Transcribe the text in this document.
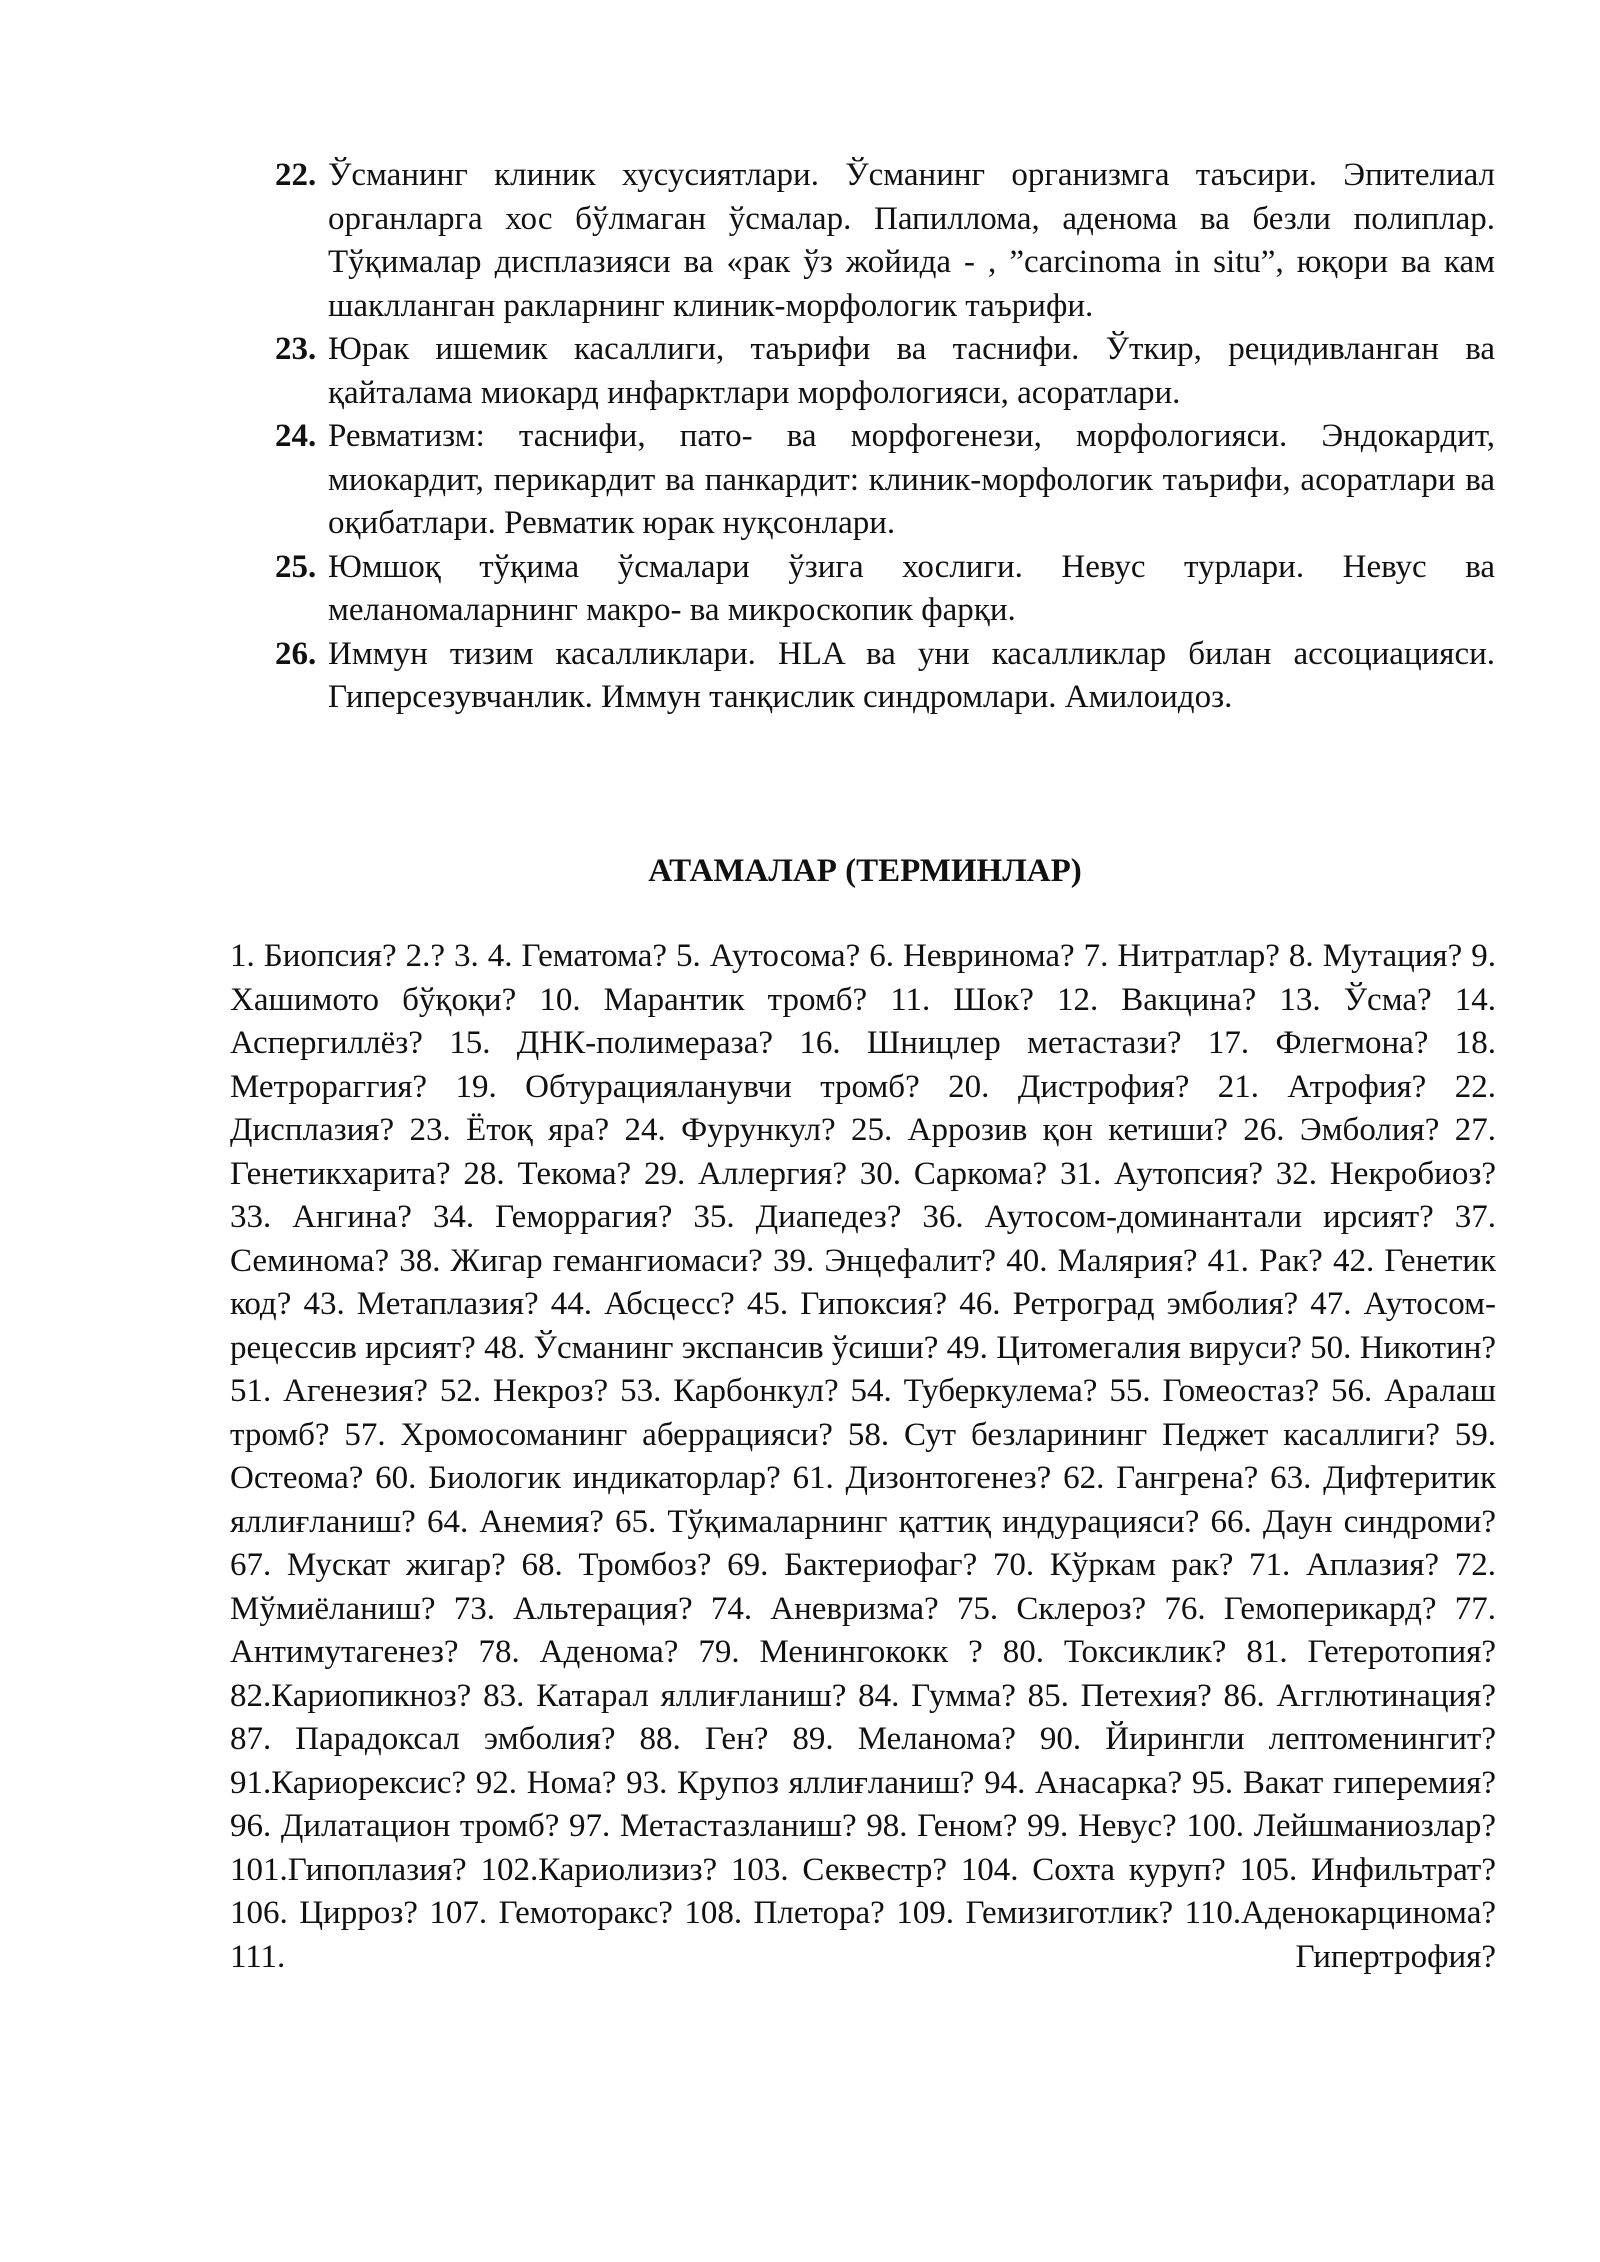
22. Ўсманинг клиник хусусиятлари. Ўсманинг организмга таъсири. Эпителиал органларга хос бўлмаган ўсмалар. Папиллома, аденома ва безли полиплар. Тўқималар дисплазияси ва «рак ўз жойида - , ”carcinoma in situ”, юқори ва кам шаклланган ракларнинг клиник-морфологик таърифи.
23. Юрак ишемик касаллиги, таърифи ва таснифи. Ўткир, рецидивланган ва қайталама миокард инфарктлари морфологияси, асоратлари.
24. Ревматизм: таснифи, пато- ва морфогенези, морфологияси. Эндокардит, миокардит, перикардит ва панкардит: клиник-морфологик таърифи, асоратлари ва оқибатлари. Ревматик юрак нуқсонлари.
25. Юмшоқ тўқима ўсмалари ўзига хослиги. Невус турлари. Невус ва меланомаларнинг макро- ва микроскопик фарқи.
26. Иммун тизим касалликлари. HLA ва уни касалликлар билан ассоциацияси. Гиперсезувчанлик. Иммун танқислик синдромлари. Амилоидоз.
АТАМАЛАР (ТЕРМИНЛАР)

1. Биопсия? 2.? 3. 4. Гематома? 5. Аутосома? 6. Невринома? 7. Нитратлар? 8. Мутация? 9. Хашимото бўқоқи? 10. Марантик тромб? 11. Шок? 12. Вакцина? 13. Ўсма? 14. Аспергиллёз? 15. ДНК-полимераза? 16. Шницлер метастази? 17. Флегмона? 18. Метрораггия? 19. Обтурацияланувчи тромб? 20. Дистрофия? 21. Атрофия? 22. Дисплазия? 23. Ётоқ яра? 24. Фурункул? 25. Аррозив қон кетиши? 26. Эмболия? 27. Генетикхарита? 28. Текома? 29. Аллергия? 30. Саркома? 31. Аутопсия? 32. Некробиоз? 33. Ангина? 34. Геморрагия? 35. Диапедез? 36. Аутосом-доминантали ирсият? 37. Семинома? 38. Жигар гемангиомаси? 39. Энцефалит? 40. Малярия? 41. Рак? 42. Генетик код? 43. Метаплазия? 44. Абсцесс? 45. Гипоксия? 46. Ретроград эмболия? 47. Аутосом-рецессив ирсият? 48. Ўсманинг экспансив ўсиши? 49. Цитомегалия вируси? 50. Никотин? 51. Агенезия? 52. Некроз? 53. Карбонкул? 54. Туберкулема? 55. Гомеостаз? 56. Аралаш тромб? 57. Хромосоманинг аберрацияси? 58. Сут безларининг Педжет касаллиги? 59. Остеома? 60. Биологик индикаторлар? 61. Дизонтогенез? 62. Гангрена? 63. Дифтеритик яллиғланиш? 64. Анемия? 65. Тўқималарнинг қаттиқ индурацияси? 66. Даун синдроми? 67. Мускат жигар? 68. Тромбоз? 69. Бактериофаг? 70. Кўркам рак? 71. Аплазия? 72. Мўмиёланиш? 73. Альтерация? 74. Аневризма? 75. Склероз? 76. Гемоперикард? 77. Антимутагенез? 78. Аденома? 79. Менингококк ? 80. Токсиклик? 81. Гетеротопия? 82.Кариопикноз? 83. Катарал яллиғланиш? 84. Гумма? 85. Петехия? 86. Агглютинация? 87. Парадоксал эмболия? 88. Ген? 89. Меланома? 90. Йирингли лептоменингит? 91.Кариорексис? 92. Нома? 93. Крупоз яллиғланиш? 94. Анасарка? 95. Вакат гиперемия? 96. Дилатацион тромб? 97. Метастазланиш? 98. Геном? 99. Невус? 100. Лейшманиозлар? 101.Гипоплазия? 102.Кариолизиз? 103. Секвестр? 104. Сохта куруп? 105. Инфильтрат? 106. Цирроз? 107. Гемоторакс? 108. Плетора? 109. Гемизиготлик? 110.Аденокарцинома? 111. Гипертрофия?
